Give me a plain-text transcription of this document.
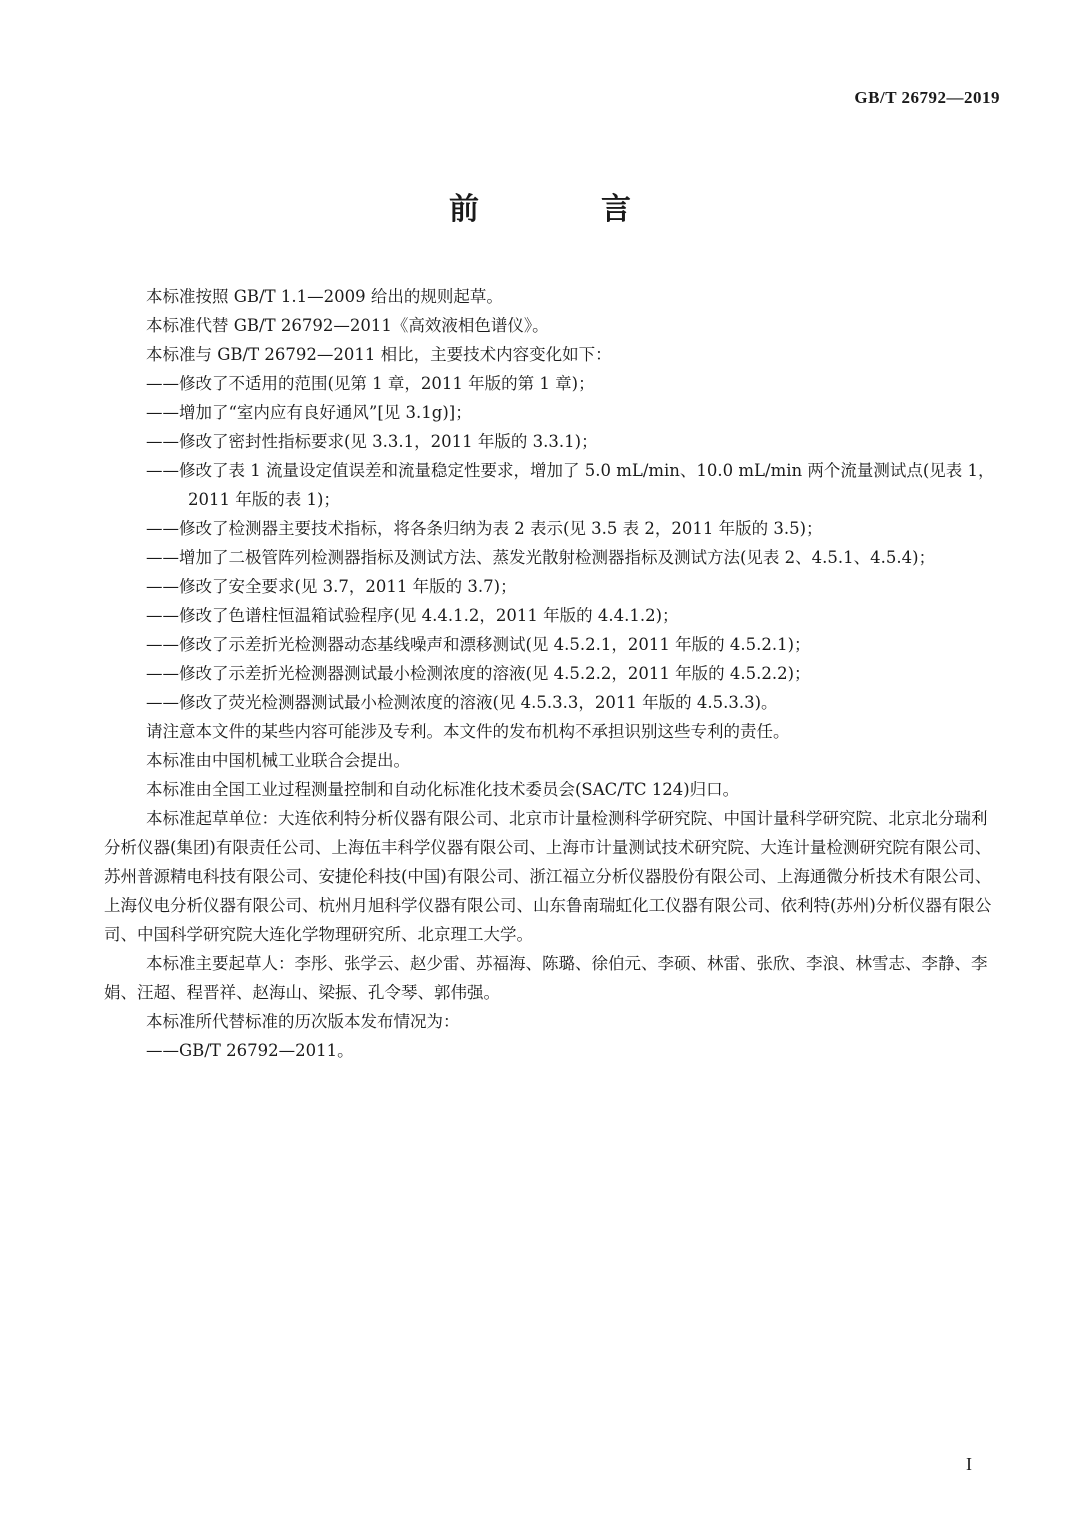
GB/T 26792—2019
前　言

本标准按照 GB/T 1.1—2009 给出的规则起草。

本标准代替 GB/T 26792—2011《高效液相色谱仪》。

本标准与 GB/T 26792—2011 相比，主要技术内容变化如下：

——修改了不适用的范围(见第 1 章，2011 年版的第 1 章)；

——增加了“室内应有良好通风”[见 3.1g)]；

——修改了密封性指标要求(见 3.3.1，2011 年版的 3.3.1)；

——修改了表 1 流量设定值误差和流量稳定性要求，增加了 5.0 mL/min、10.0 mL/min 两个流量测试点(见表 1，2011 年版的表 1)；

——修改了检测器主要技术指标，将各条归纳为表 2 表示(见 3.5 表 2，2011 年版的 3.5)；

——增加了二极管阵列检测器指标及测试方法、蒸发光散射检测器指标及测试方法(见表 2、4.5.1、4.5.4)；

——修改了安全要求(见 3.7，2011 年版的 3.7)；

——修改了色谱柱恒温箱试验程序(见 4.4.1.2，2011 年版的 4.4.1.2)；

——修改了示差折光检测器动态基线噪声和漂移测试(见 4.5.2.1，2011 年版的 4.5.2.1)；

——修改了示差折光检测器测试最小检测浓度的溶液(见 4.5.2.2，2011 年版的 4.5.2.2)；

——修改了荧光检测器测试最小检测浓度的溶液(见 4.5.3.3，2011 年版的 4.5.3.3)。

请注意本文件的某些内容可能涉及专利。本文件的发布机构不承担识别这些专利的责任。

本标准由中国机械工业联合会提出。

本标准由全国工业过程测量控制和自动化标准化技术委员会(SAC/TC 124)归口。

本标准起草单位：大连依利特分析仪器有限公司、北京市计量检测科学研究院、中国计量科学研究院、北京北分瑞利分析仪器(集团)有限责任公司、上海伍丰科学仪器有限公司、上海市计量测试技术研究院、大连计量检测研究院有限公司、苏州普源精电科技有限公司、安捷伦科技(中国)有限公司、浙江福立分析仪器股份有限公司、上海通微分析技术有限公司、上海仪电分析仪器有限公司、杭州月旭科学仪器有限公司、山东鲁南瑞虹化工仪器有限公司、依利特(苏州)分析仪器有限公司、中国科学研究院大连化学物理研究所、北京理工大学。

本标准主要起草人：李彤、张学云、赵少雷、苏福海、陈璐、徐伯元、李硕、林雷、张欣、李浪、林雪志、李静、李娟、汪超、程晋祥、赵海山、梁振、孔令琴、郭伟强。

本标准所代替标准的历次版本发布情况为：

——GB/T 26792—2011。

I
